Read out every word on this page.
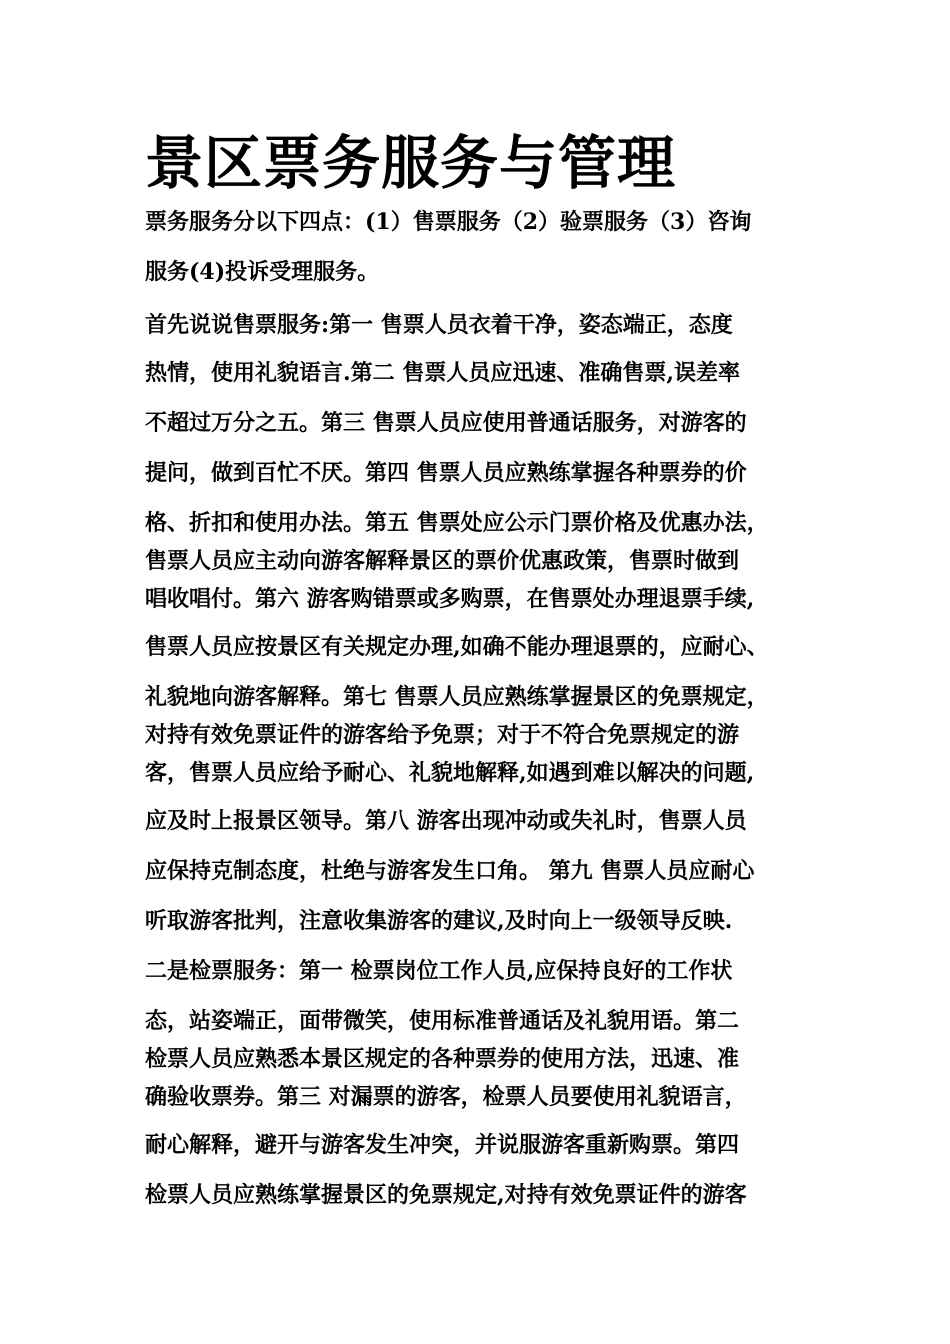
景区票务服务与管理

票务服务分以下四点：(1）售票服务（2）验票服务（3）咨询

服务(4)投诉受理服务。

首先说说售票服务:第一 售票人员衣着干净，姿态端正，态度

热情，使用礼貌语言.第二 售票人员应迅速、准确售票,误差率

不超过万分之五。第三 售票人员应使用普通话服务，对游客的

提问，做到百忙不厌。第四 售票人员应熟练掌握各种票券的价

格、折扣和使用办法。第五 售票处应公示门票价格及优惠办法，

售票人员应主动向游客解释景区的票价优惠政策，售票时做到

唱收唱付。第六 游客购错票或多购票，在售票处办理退票手续,

售票人员应按景区有关规定办理,如确不能办理退票的，应耐心、

礼貌地向游客解释。第七 售票人员应熟练掌握景区的免票规定，

对持有效免票证件的游客给予免票；对于不符合免票规定的游

客，售票人员应给予耐心、礼貌地解释,如遇到难以解决的问题,

应及时上报景区领导。第八 游客出现冲动或失礼时，售票人员

应保持克制态度，杜绝与游客发生口角。 第九 售票人员应耐心

听取游客批判，注意收集游客的建议,及时向上一级领导反映.

二是检票服务：第一 检票岗位工作人员,应保持良好的工作状

态，站姿端正，面带微笑，使用标准普通话及礼貌用语。第二

检票人员应熟悉本景区规定的各种票券的使用方法，迅速、准

确验收票券。第三 对漏票的游客，检票人员要使用礼貌语言，

耐心解释，避开与游客发生冲突，并说服游客重新购票。第四

检票人员应熟练掌握景区的免票规定,对持有效免票证件的游客
